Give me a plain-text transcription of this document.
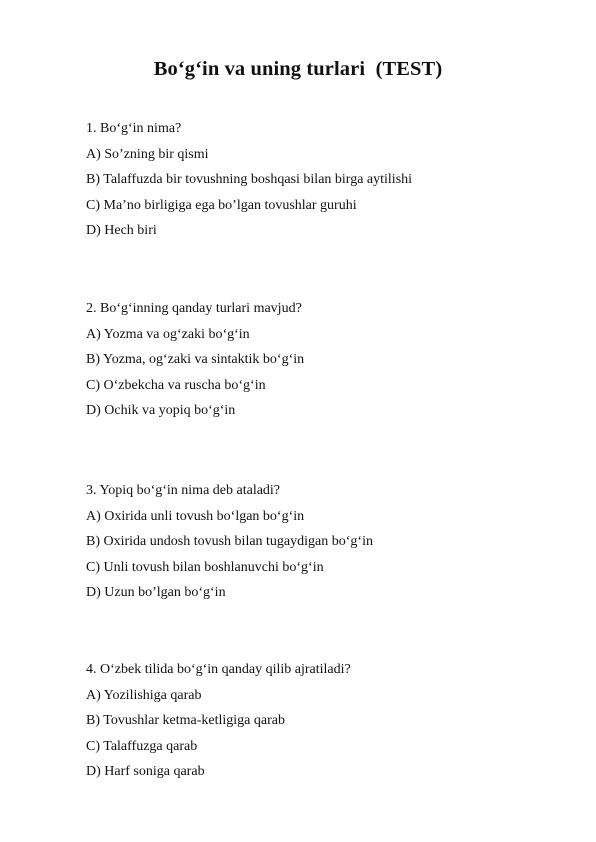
Bo‘g‘in va uning turlari  (TEST)
1. Bo‘g‘in nima?
A) So’zning bir qismi
B) Talaffuzda bir tovushning boshqasi bilan birga aytilishi
C) Ma’no birligiga ega bo’lgan tovushlar guruhi
D) Hech biri
2. Bo‘g‘inning qanday turlari mavjud?
A) Yozma va og‘zaki bo‘g‘in
B) Yozma, og‘zaki va sintaktik bo‘g‘in
C) O‘zbekcha va ruscha bo‘g‘in
D) Ochik va yopiq bo‘g‘in
3. Yopiq bo‘g‘in nima deb ataladi?
A) Oxirida unli tovush bo‘lgan bo‘g‘in
B) Oxirida undosh tovush bilan tugaydigan bo‘g‘in
C) Unli tovush bilan boshlanuvchi bo‘g‘in
D) Uzun bo’lgan bo‘g‘in
4. O‘zbek tilida bo‘g‘in qanday qilib ajratiladi?
A) Yozilishiga qarab
B) Tovushlar ketma-ketligiga qarab
C) Talaffuzga qarab
D) Harf soniga qarab
